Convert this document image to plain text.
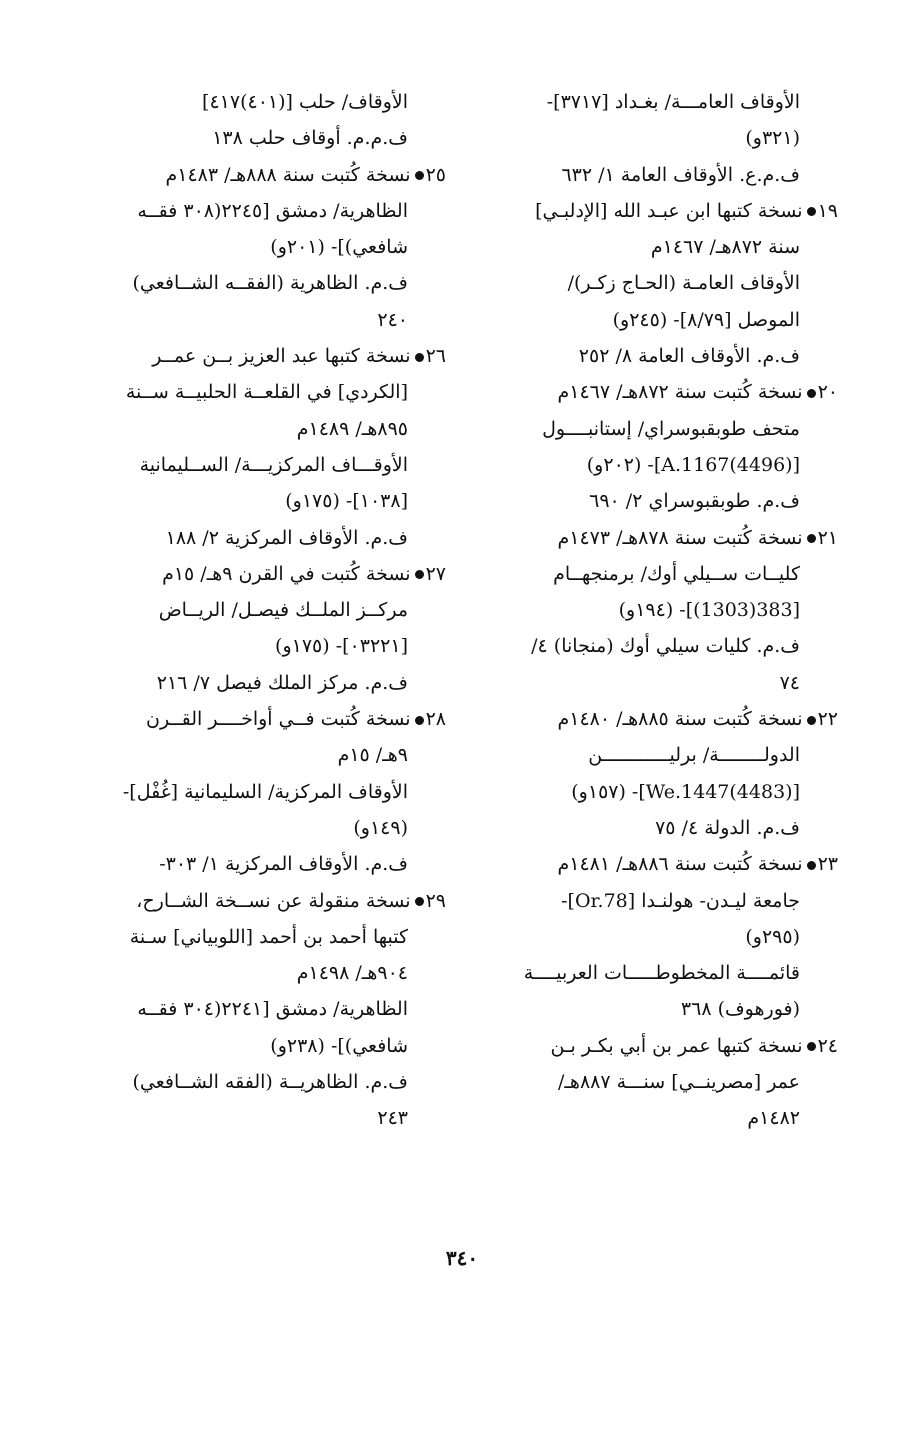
الأوقاف العامـــة/ بغـداد [٣٧١٧]-
(٣٢١و)
ف.م.ع. الأوقاف العامة ١/ ٦٣٢
١٩نسخة كتبها ابن عبـد الله [الإدلبـي]
سنة ٨٧٢هـ/ ١٤٦٧م
الأوقاف العامـة (الحـاج زكـر)/
الموصل [٨/٧٩]- (٢٤٥و)
ف.م. الأوقاف العامة ٨/ ٢٥٢
٢٠نسخة كُتبت سنة ٨٧٢هـ/ ١٤٦٧م
متحف طوبقبوسراي/ إستانبــــول
[A.1167(4496)]- (٢٠٢و)
ف.م. طوبقبوسراي ٢/ ٦٩٠
٢١نسخة كُتبت سنة ٨٧٨هـ/ ١٤٧٣م
كليــات ســيلي أوك/ برمنجهــام
[383(1303)]- (١٩٤و)
ف.م. كليات سيلي أوك (منجانا) ٤/
٧٤
٢٢نسخة كُتبت سنة ٨٨٥هـ/ ١٤٨٠م
الدولــــــــة/ برليــــــــــــن
[We.1447(4483)]- (١٥٧و)
ف.م. الدولة ٤/ ٧٥
٢٣نسخة كُتبت سنة ٨٨٦هـ/ ١٤٨١م
جامعة ليـدن- هولنـدا [Or.78]-
(٢٩٥و)
قائمــــة المخطوطـــــات العربيــــة
(فورهوف) ٣٦٨
٢٤نسخة كتبها عمر بن أبي بكـر بـن
عمر [مصرينــي] سنـــة ٨٨٧هـ/
١٤٨٢م
الأوقاف/ حلب [(٤٠١)٤١٧]
ف.م.م. أوقاف حلب ١٣٨
٢٥نسخة كُتبت سنة ٨٨٨هـ/ ١٤٨٣م
الظاهرية/ دمشق [٢٢٤٥(٣٠٨ فقــه
شافعي)]- (٢٠١و)
ف.م. الظاهرية (الفقــه الشــافعي)
٢٤٠
٢٦نسخة كتبها عبد العزيز بــن عمــر
[الكردي] في القلعــة الحلبيــة ســنة
٨٩٥هـ/ ١٤٨٩م
الأوقـــاف المركزيـــة/ الســليمانية
[١٠٣٨]- (١٧٥و)
ف.م. الأوقاف المركزية ٢/ ١٨٨
٢٧نسخة كُتبت في القرن ٩هـ/ ١٥م
مركــز الملــك فيصـل/ الريــاض
[٠٣٢٢١]- (١٧٥و)
ف.م. مركز الملك فيصل ٧/ ٢١٦
٢٨نسخة كُتبت فــي أواخــــر القــرن
٩هـ/ ١٥م
الأوقاف المركزية/ السليمانية [غُفْل]-
(١٤٩و)
ف.م. الأوقاف المركزية ١/ ٣٠٣-
٢٩نسخة منقولة عن نســخة الشــارح،
كتبها أحمد بن أحمد [اللوبياني] سـنة
٩٠٤هـ/ ١٤٩٨م
الظاهرية/ دمشق [٢٢٤١(٣٠٤ فقــه
شافعي)]- (٢٣٨و)
ف.م. الظاهريــة (الفقه الشــافعي)
٢٤٣
٣٤٠
